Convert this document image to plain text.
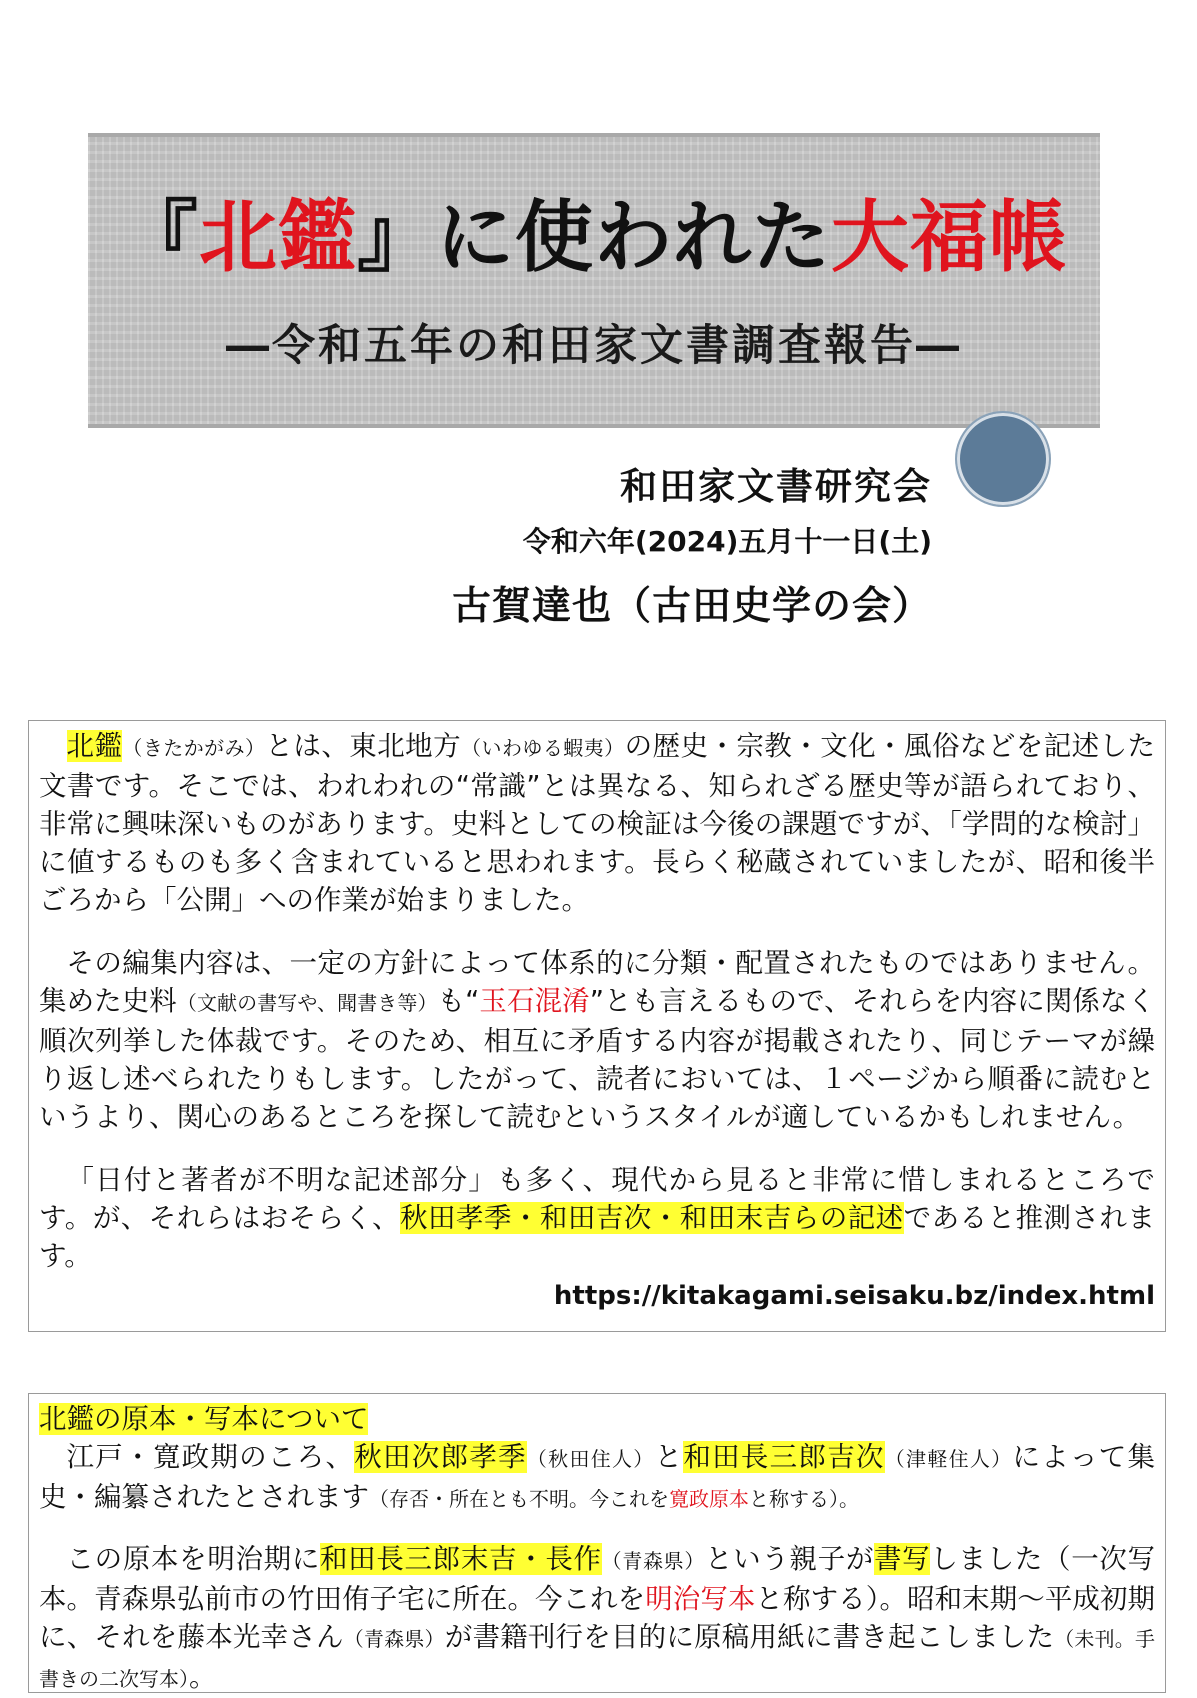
『北鑑』に使われた大福帳
―令和五年の和田家文書調査報告―
和田家文書研究会
令和六年(2024)五月十一日(土)
古賀達也（古田史学の会）

北鑑（きたかがみ）とは、東北地方（いわゆる蝦夷）の歴史・宗教・文化・風俗などを記述した文書です。そこでは、われわれの“常識”とは異なる、知られざる歴史等が語られており、非常に興味深いものがあります。史料としての検証は今後の課題ですが、「学問的な検討」に値するものも多く含まれていると思われます。長らく秘蔵されていましたが、昭和後半ごろから「公開」への作業が始まりました。

その編集内容は、一定の方針によって体系的に分類・配置されたものではありません。集めた史料（文献の書写や、聞書き等）も“玉石混淆”とも言えるもので、それらを内容に関係なく順次列挙した体裁です。そのため、相互に矛盾する内容が掲載されたり、同じテーマが繰り返し述べられたりもします。したがって、読者においては、１ページから順番に読むというより、関心のあるところを探して読むというスタイルが適しているかもしれません。

「日付と著者が不明な記述部分」も多く、現代から見ると非常に惜しまれるところです。が、それらはおそらく、秋田孝季・和田吉次・和田末吉らの記述であると推測されます。

https://kitakagami.seisaku.bz/index.html

北鑑の原本・写本について

江戸・寛政期のころ、秋田次郎孝季（秋田住人）と和田長三郎吉次（津軽住人）によって集史・編纂されたとされます（存否・所在とも不明。今これを寛政原本と称する）。

この原本を明治期に和田長三郎末吉・長作（青森県）という親子が書写しました（一次写本。青森県弘前市の竹田侑子宅に所在。今これを明治写本と称する）。昭和末期～平成初期に、それを藤本光幸さん（青森県）が書籍刊行を目的に原稿用紙に書き起こしました（未刊。手書きの二次写本）。
